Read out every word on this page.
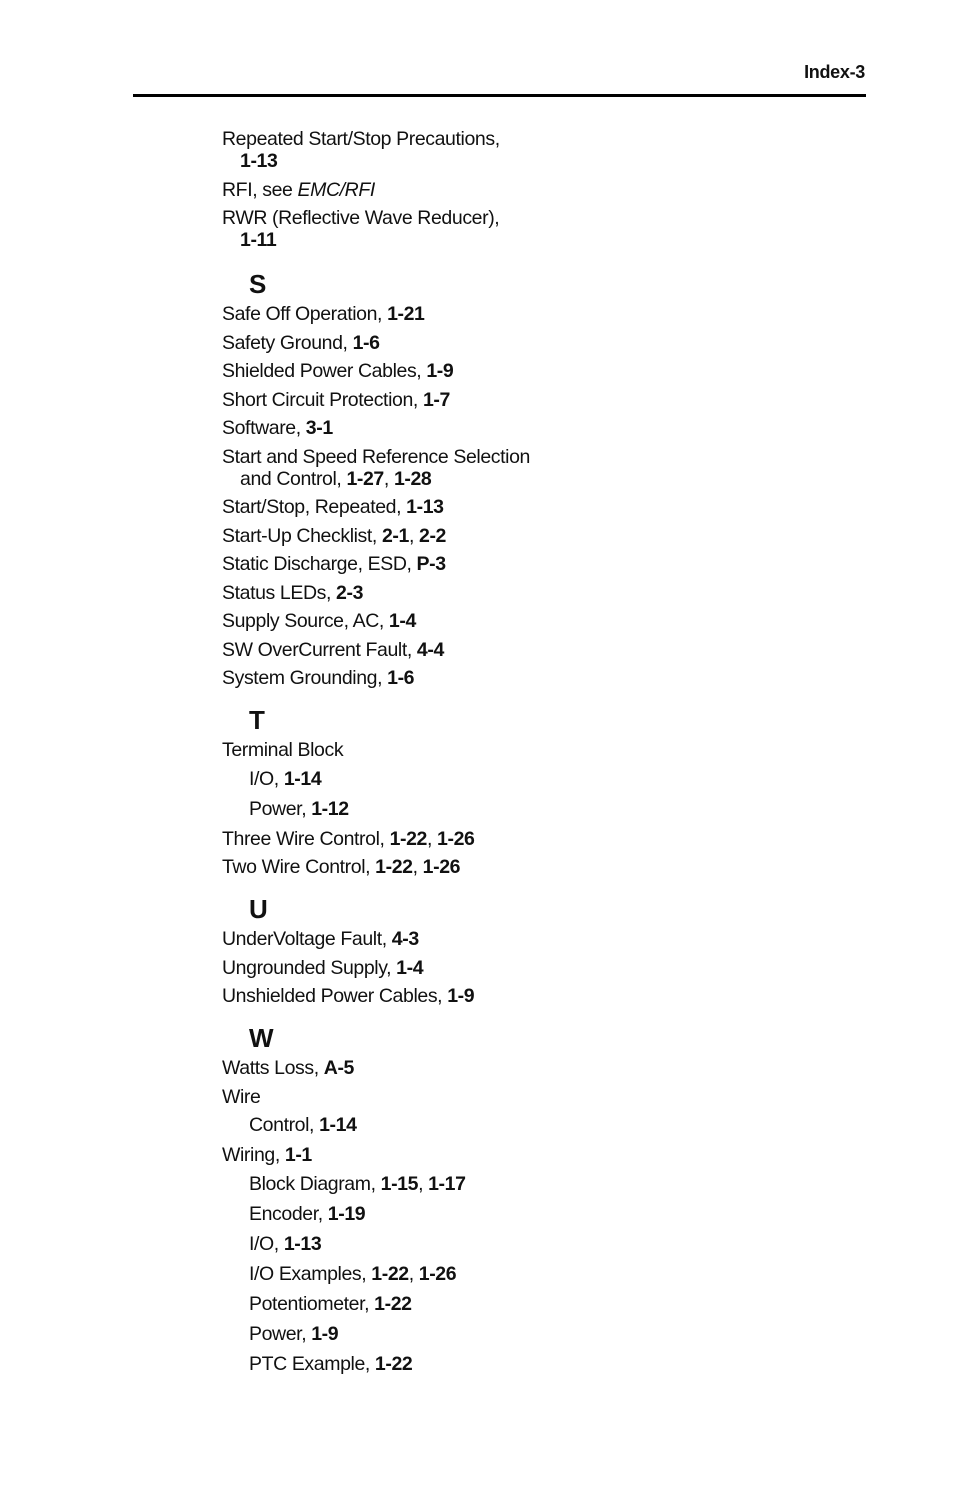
Index-3
Repeated Start/Stop Precautions,
1-13
RFI, see EMC/RFI
RWR (Reflective Wave Reducer),
1-11
S
Safe Off Operation, 1-21
Safety Ground, 1-6
Shielded Power Cables, 1-9
Short Circuit Protection, 1-7
Software, 3-1
Start and Speed Reference Selection
and Control, 1-27, 1-28
Start/Stop, Repeated, 1-13
Start-Up Checklist, 2-1, 2-2
Static Discharge, ESD, P-3
Status LEDs, 2-3
Supply Source, AC, 1-4
SW OverCurrent Fault, 4-4
System Grounding, 1-6
T
Terminal Block
I/O, 1-14
Power, 1-12
Three Wire Control, 1-22, 1-26
Two Wire Control, 1-22, 1-26
U
UnderVoltage Fault, 4-3
Ungrounded Supply, 1-4
Unshielded Power Cables, 1-9
W
Watts Loss, A-5
Wire
Control, 1-14
Wiring, 1-1
Block Diagram, 1-15, 1-17
Encoder, 1-19
I/O, 1-13
I/O Examples, 1-22, 1-26
Potentiometer, 1-22
Power, 1-9
PTC Example, 1-22
